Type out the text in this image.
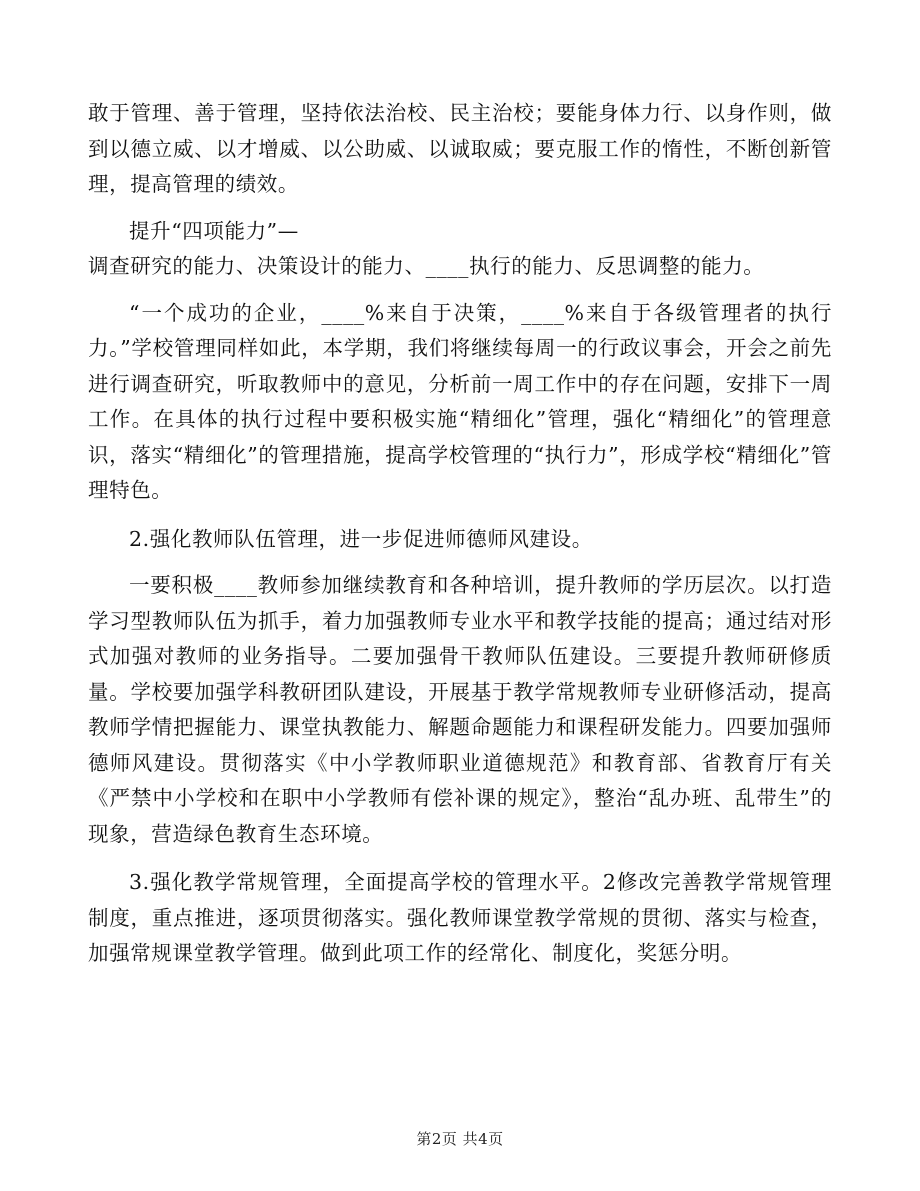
敢于管理、善于管理，坚持依法治校、民主治校；要能身体力行、以身作则，做到以德立威、以才增威、以公助威、以诚取威；要克服工作的惰性，不断创新管理，提高管理的绩效。

提升“四项能力”—

调查研究的能力、决策设计的能力、____执行的能力、反思调整的能力。

“一个成功的企业，____%来自于决策，____%来自于各级管理者的执行力。”学校管理同样如此，本学期，我们将继续每周一的行政议事会，开会之前先进行调查研究，听取教师中的意见，分析前一周工作中的存在问题，安排下一周工作。在具体的执行过程中要积极实施“精细化”管理，强化“精细化”的管理意识，落实“精细化”的管理措施，提高学校管理的“执行力”，形成学校“精细化”管理特色。

2.强化教师队伍管理，进一步促进师德师风建设。

一要积极____教师参加继续教育和各种培训，提升教师的学历层次。以打造学习型教师队伍为抓手，着力加强教师专业水平和教学技能的提高；通过结对形式加强对教师的业务指导。二要加强骨干教师队伍建设。三要提升教师研修质量。学校要加强学科教研团队建设，开展基于教学常规教师专业研修活动，提高教师学情把握能力、课堂执教能力、解题命题能力和课程研发能力。四要加强师德师风建设。贯彻落实《中小学教师职业道德规范》和教育部、省教育厅有关《严禁中小学校和在职中小学教师有偿补课的规定》，整治“乱办班、乱带生”的现象，营造绿色教育生态环境。

3.强化教学常规管理，全面提高学校的管理水平。2修改完善教学常规管理制度，重点推进，逐项贯彻落实。强化教师课堂教学常规的贯彻、落实与检查，加强常规课堂教学管理。做到此项工作的经常化、制度化，奖惩分明。

第2页 共4页
